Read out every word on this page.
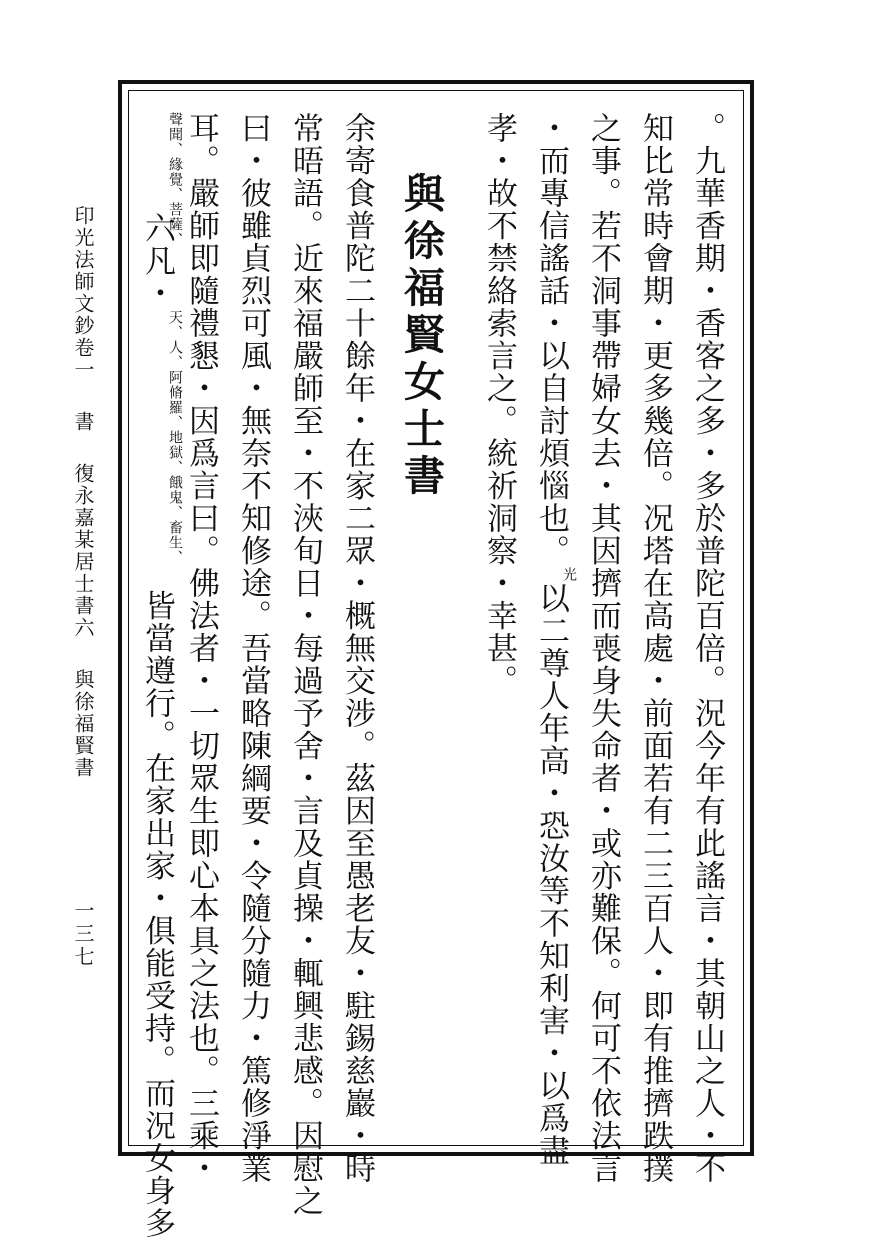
。九華香期・香客之多・多於普陀百倍。況今年有此謠言・其朝山之人・不
知比常時會期・更多幾倍。况塔在高處・前面若有二三百人・即有推擠跌撲
之事。若不洞事帶婦女去・其因擠而喪身失命者・或亦難保。何可不依法言
・而專信謠話・以自討煩惱也。光以二尊人年高・恐汝等不知利害・以爲盡
孝・故不禁絡索言之。統祈洞察・幸甚。
與徐福賢女士書
余寄食普陀二十餘年・在家二眾・概無交涉。茲因至愚老友・駐錫慈巖・時
常晤語。近來福嚴師至・不浹旬日・每過予舍・言及貞操・輒興悲感。因慰之
曰・彼雖貞烈可風・無奈不知修途。吾當略陳綱要・令隨分隨力・篤修淨業
耳。嚴師即隨禮懇・因爲言曰。佛法者・一切眾生即心本具之法也。三乘・
聲聞、緣覺、菩薩、六凡・天、人、阿脩羅、地獄、餓鬼、畜生、皆當遵行。在家出家・俱能受持。而況女身多
印光法師文鈔卷一書復永嘉某居士書六與徐福賢書
一三七
